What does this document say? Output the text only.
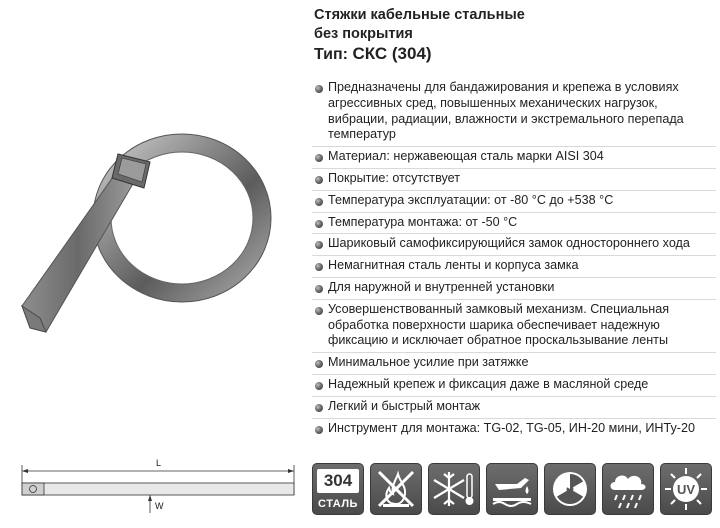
Стяжки кабельные стальные
без покрытия
Тип: СКС (304)
L
W
Предназначены для бандажирования и крепежа в условиях агрессивных сред, повышенных механических нагрузок, вибрации, радиации, влажности и экстремального перепада температур
Материал: нержавеющая сталь марки AISI 304
Покрытие: отсутствует
Температура эксплуатации: от -80 °С до +538 °С
Температура монтажа: от -50 °С
Шариковый самофиксирующийся замок одностороннего хода
Немагнитная сталь ленты и корпуса замка
Для наружной и внутренней установки
Усовершенствованный замковый механизм. Специальная обработка поверхности шарика обеспечивает надежную фиксацию и исключает обратное проскальзывание ленты
Минимальное усилие при затяжке
Надежный крепеж и фиксация даже в масляной среде
Легкий и быстрый монтаж
Инструмент для монтажа: TG-02, TG-05, ИН-20 мини, ИНТу-20
304
СТАЛЬ
UV
